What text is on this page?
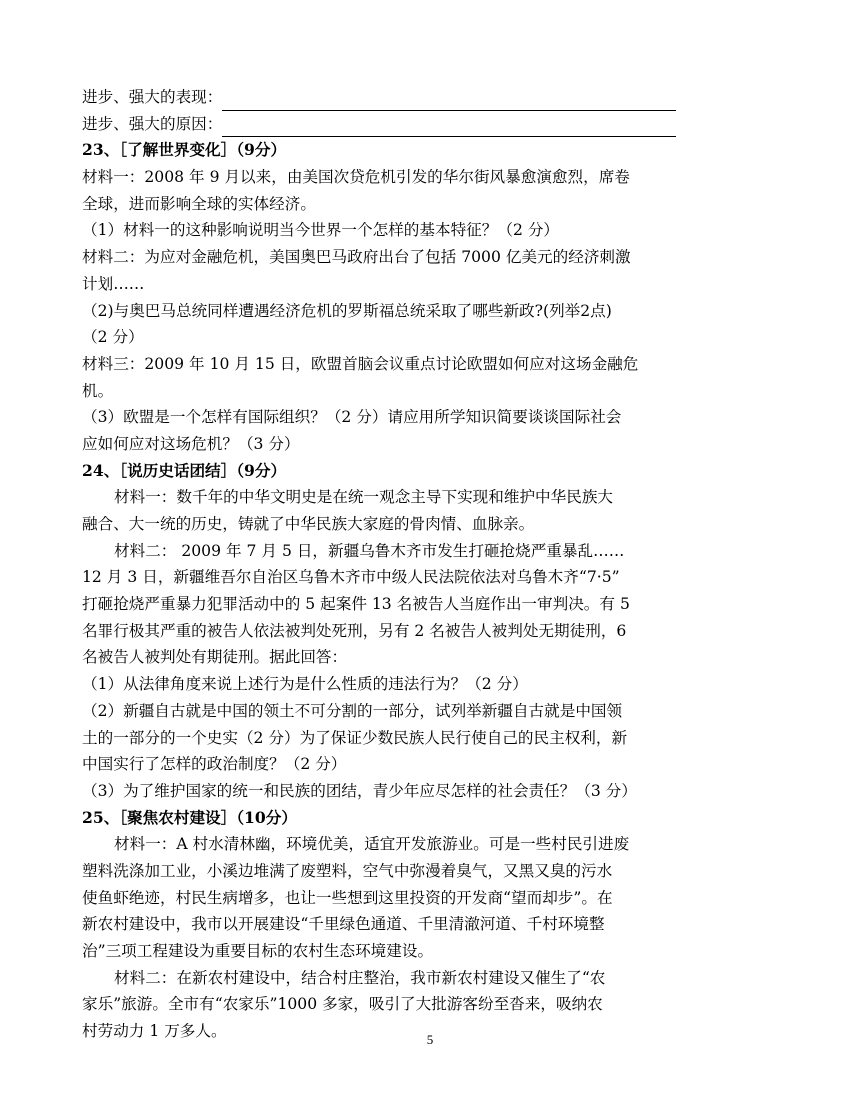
进步、强大的表现：
进步、强大的原因：
23、［了解世界变化］（9分）
材料一：2008 年 9 月以来，由美国次贷危机引发的华尔街风暴愈演愈烈，席卷
全球，进而影响全球的实体经济。
（1）材料一的这种影响说明当今世界一个怎样的基本特征？（2 分）
材料二：为应对金融危机，美国奥巴马政府出台了包括 7000 亿美元的经济刺激
计划……
（2)与奥巴马总统同样遭遇经济危机的罗斯福总统采取了哪些新政?(列举2点)
（2 分）
材料三：2009 年 10 月 15 日，欧盟首脑会议重点讨论欧盟如何应对这场金融危
机。
（3）欧盟是一个怎样有国际组织？（2 分）请应用所学知识简要谈谈国际社会
应如何应对这场危机？（3 分）
24、［说历史话团结］（9分）
材料一：数千年的中华文明史是在统一观念主导下实现和维护中华民族大
融合、大一统的历史，铸就了中华民族大家庭的骨肉情、血脉亲。
材料二： 2009 年 7 月 5 日，新疆乌鲁木齐市发生打砸抢烧严重暴乱……
12 月 3 日，新疆维吾尔自治区乌鲁木齐市中级人民法院依法对乌鲁木齐“7·5”
打砸抢烧严重暴力犯罪活动中的 5 起案件 13 名被告人当庭作出一审判决。有 5
名罪行极其严重的被告人依法被判处死刑，另有 2 名被告人被判处无期徒刑，6
名被告人被判处有期徒刑。据此回答：
（1）从法律角度来说上述行为是什么性质的违法行为？（2 分）
（2）新疆自古就是中国的领土不可分割的一部分，试列举新疆自古就是中国领
土的一部分的一个史实（2 分）为了保证少数民族人民行使自己的民主权利，新
中国实行了怎样的政治制度？（2 分）
（3）为了维护国家的统一和民族的团结，青少年应尽怎样的社会责任？（3 分）
25、［聚焦农村建设］（10分）
材料一：A 村水清林幽，环境优美，适宜开发旅游业。可是一些村民引进废
塑料洗涤加工业，小溪边堆满了废塑料，空气中弥漫着臭气，又黑又臭的污水
使鱼虾绝迹，村民生病增多，也让一些想到这里投资的开发商“望而却步”。在
新农村建设中，我市以开展建设“千里绿色通道、千里清澈河道、千村环境整
治”三项工程建设为重要目标的农村生态环境建设。
材料二：在新农村建设中，结合村庄整治，我市新农村建设又催生了“农
家乐”旅游。全市有“农家乐”1000 多家，吸引了大批游客纷至沓来，吸纳农
村劳动力 1 万多人。	5
